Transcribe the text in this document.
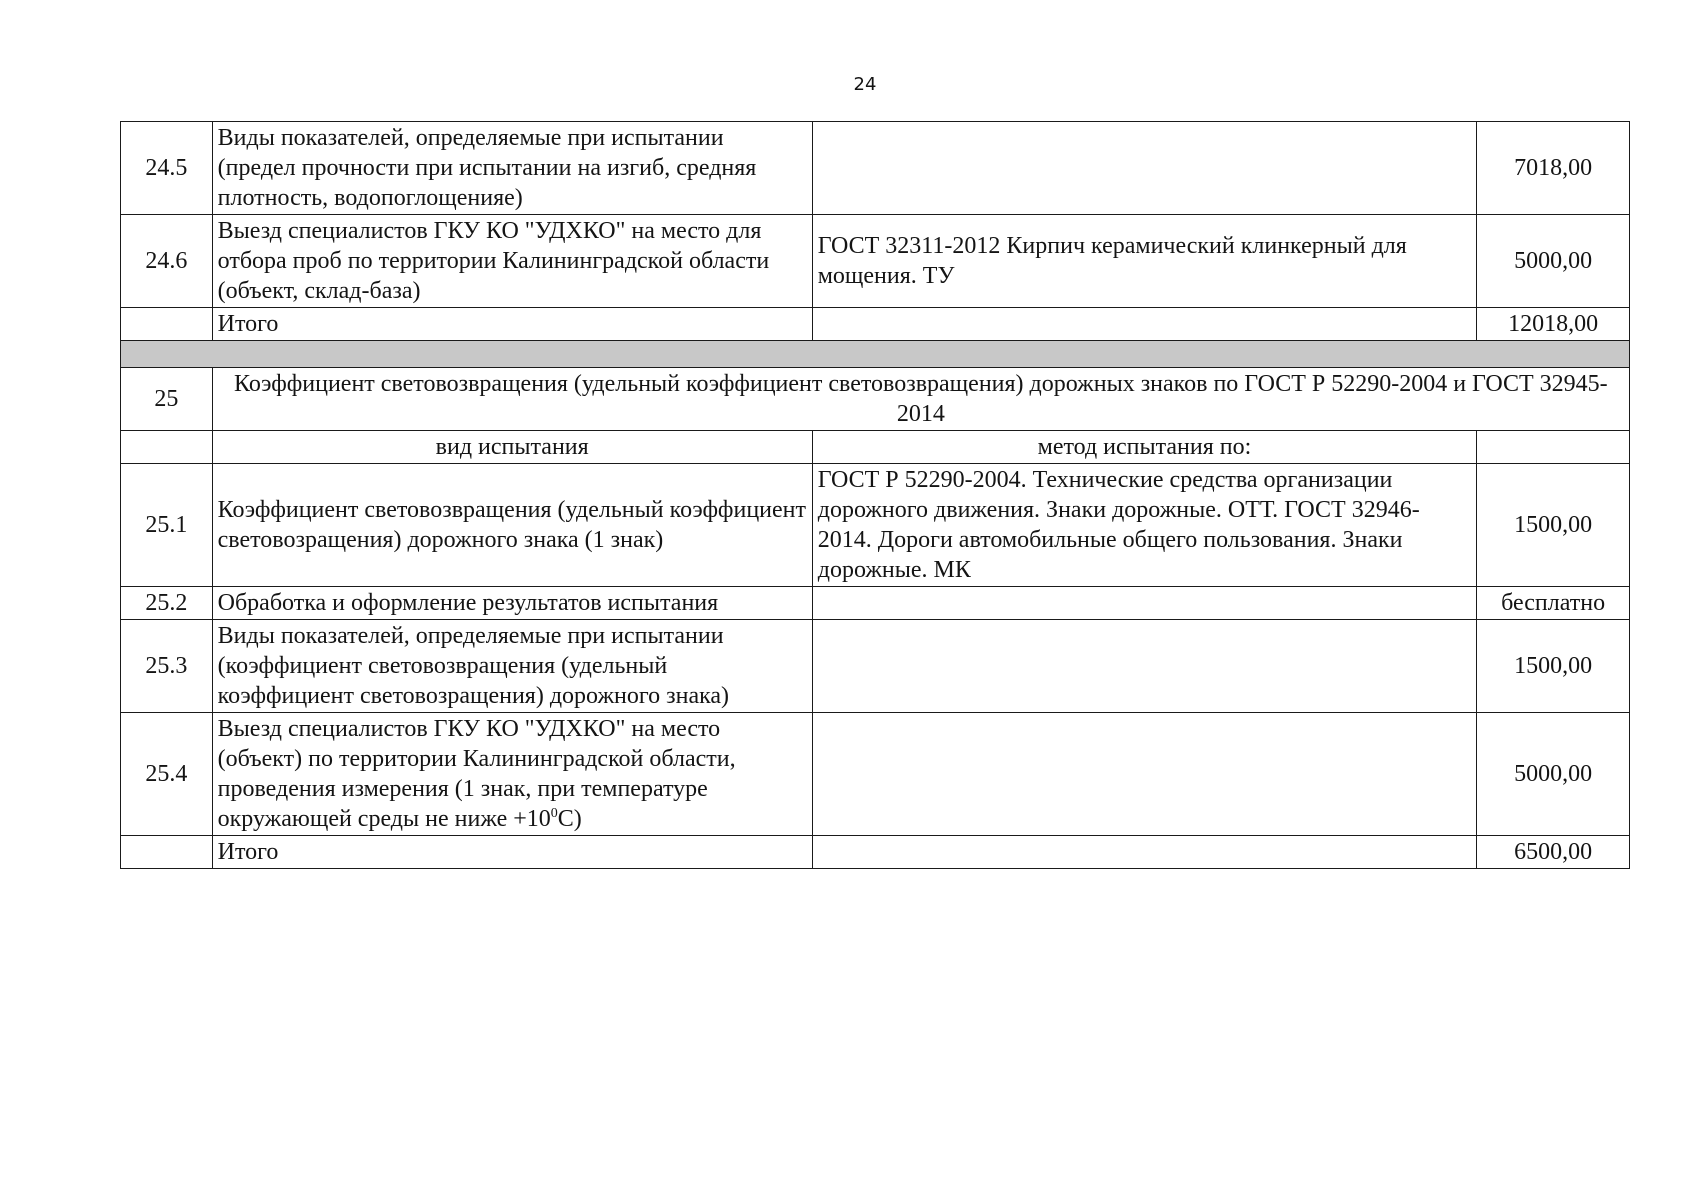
24
24.5	Виды показателей, определяемые при испытании (предел прочности при испытании на изгиб, средняя плотность, водопоглощенияе)		7018,00
24.6	Выезд специалистов ГКУ КО "УДХКО" на место для отбора проб по территории Калининградской области (объект, склад-база)	ГОСТ 32311-2012 Кирпич керамический клинкерный для мощения. ТУ	5000,00
	Итого		12018,00

25	Коэффициент световозвращения (удельный коэффициент световозвращения) дорожных знаков по ГОСТ Р 52290-2004 и ГОСТ 32945-2014		
	вид испытания	метод испытания по:	
25.1	Коэффициент световозвращения (удельный коэффициент световозращения) дорожного знака (1 знак)	ГОСТ Р 52290-2004. Технические средства организации дорожного движения. Знаки дорожные. ОТТ. ГОСТ 32946-2014. Дороги автомобильные общего пользования. Знаки дорожные. МК	1500,00
25.2	Обработка и оформление результатов испытания		бесплатно
25.3	Виды показателей, определяемые при испытании (коэффициент световозвращения (удельный коэффициент световозращения) дорожного знака)		1500,00
25.4	Выезд специалистов ГКУ КО "УДХКО" на место (объект) по территории Калининградской области, проведения измерения (1 знак, при температуре окружающей среды не ниже $+10^0С$)		5000,00
	Итого		6500,00
